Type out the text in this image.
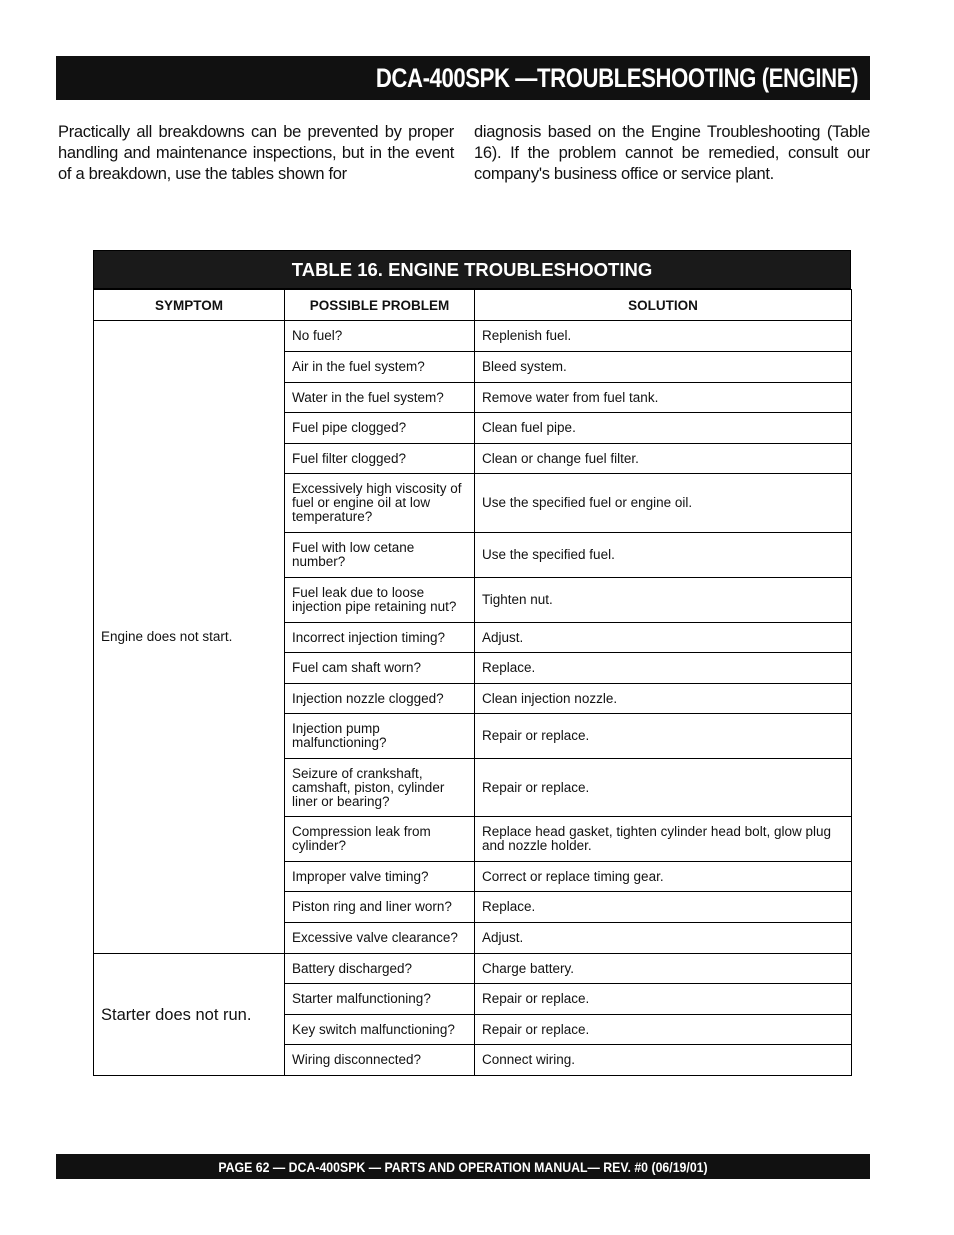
DCA-400SPK —TROUBLESHOOTING (ENGINE)

Practically all breakdowns can be prevented by proper handling and maintenance inspections, but in the event of a breakdown, use the tables shown for

diagnosis based on the Engine Troubleshooting (Table 16). If the problem cannot be remedied, consult our company's business office or service plant.

TABLE 16. ENGINE TROUBLESHOOTING
SYMPTOM	POSSIBLE PROBLEM	SOLUTION
Engine does not start.	No fuel?	Replenish fuel.
	Air in the fuel system?	Bleed system.
	Water in the fuel system?	Remove water from fuel tank.
	Fuel pipe clogged?	Clean fuel pipe.
	Fuel filter clogged?	Clean or change fuel filter.
	Excessively high viscosity of fuel or engine oil at low temperature?	Use the specified fuel or engine oil.
	Fuel with low cetane number?	Use the specified fuel.
	Fuel leak due to loose injection pipe retaining nut?	Tighten nut.
	Incorrect injection timing?	Adjust.
	Fuel cam shaft worn?	Replace.
	Injection nozzle clogged?	Clean injection nozzle.
	Injection pump malfunctioning?	Repair or replace.
	Seizure of crankshaft, camshaft, piston, cylinder liner or bearing?	Repair or replace.
	Compression leak from cylinder?	Replace head gasket, tighten cylinder head bolt, glow plug and nozzle holder.
	Improper valve timing?	Correct or replace timing gear.
	Piston ring and liner worn?	Replace.
	Excessive valve clearance?	Adjust.
Starter does not run.	Battery discharged?	Charge battery.
	Starter malfunctioning?	Repair or replace.
	Key switch malfunctioning?	Repair or replace.
	Wiring disconnected?	Connect wiring.
PAGE 62 — DCA-400SPK — PARTS AND OPERATION MANUAL— REV. #0 (06/19/01)
